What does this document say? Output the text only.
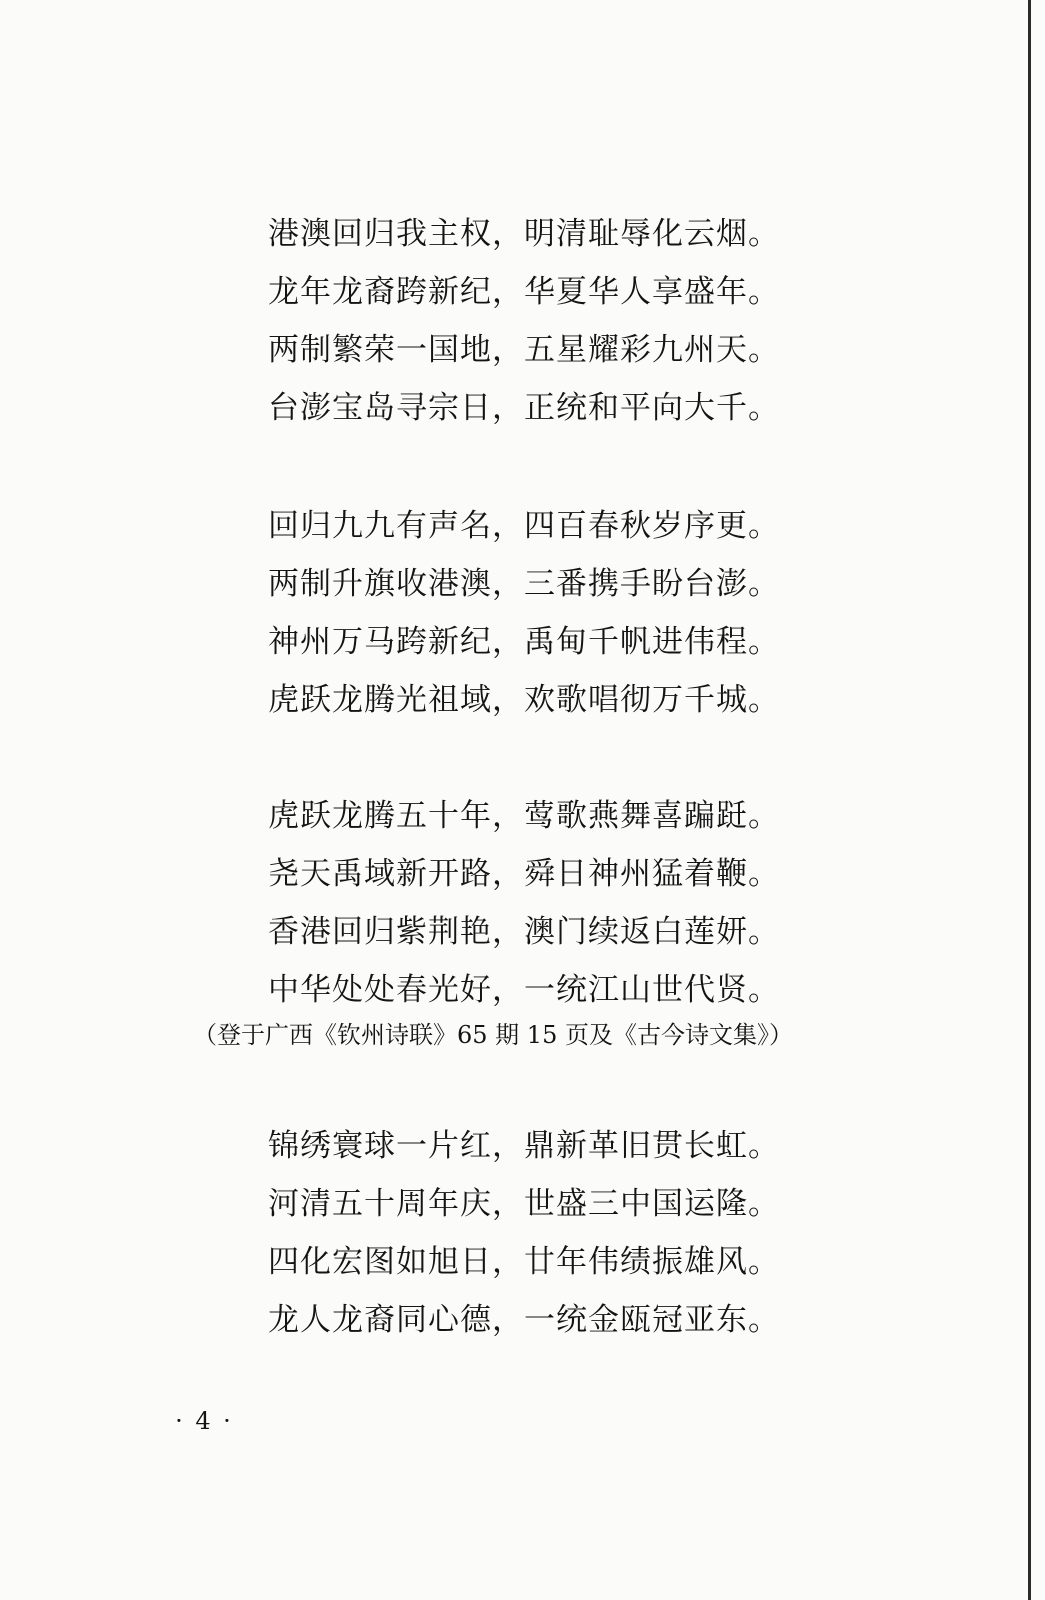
港澳回归我主权，明清耻辱化云烟。
龙年龙裔跨新纪，华夏华人享盛年。
两制繁荣一国地，五星耀彩九州天。
台澎宝岛寻宗日，正统和平向大千。
回归九九有声名，四百春秋岁序更。
两制升旗收港澳，三番携手盼台澎。
神州万马跨新纪，禹甸千帆进伟程。
虎跃龙腾光祖域，欢歌唱彻万千城。
虎跃龙腾五十年，莺歌燕舞喜蹁跹。
尧天禹域新开路，舜日神州猛着鞭。
香港回归紫荆艳，澳门续返白莲妍。
中华处处春光好，一统江山世代贤。
（登于广西《钦州诗联》65 期 15 页及《古今诗文集》）
锦绣寰球一片红，鼎新革旧贯长虹。
河清五十周年庆，世盛三中国运隆。
四化宏图如旭日，廿年伟绩振雄风。
龙人龙裔同心德，一统金瓯冠亚东。
· 4 ·
